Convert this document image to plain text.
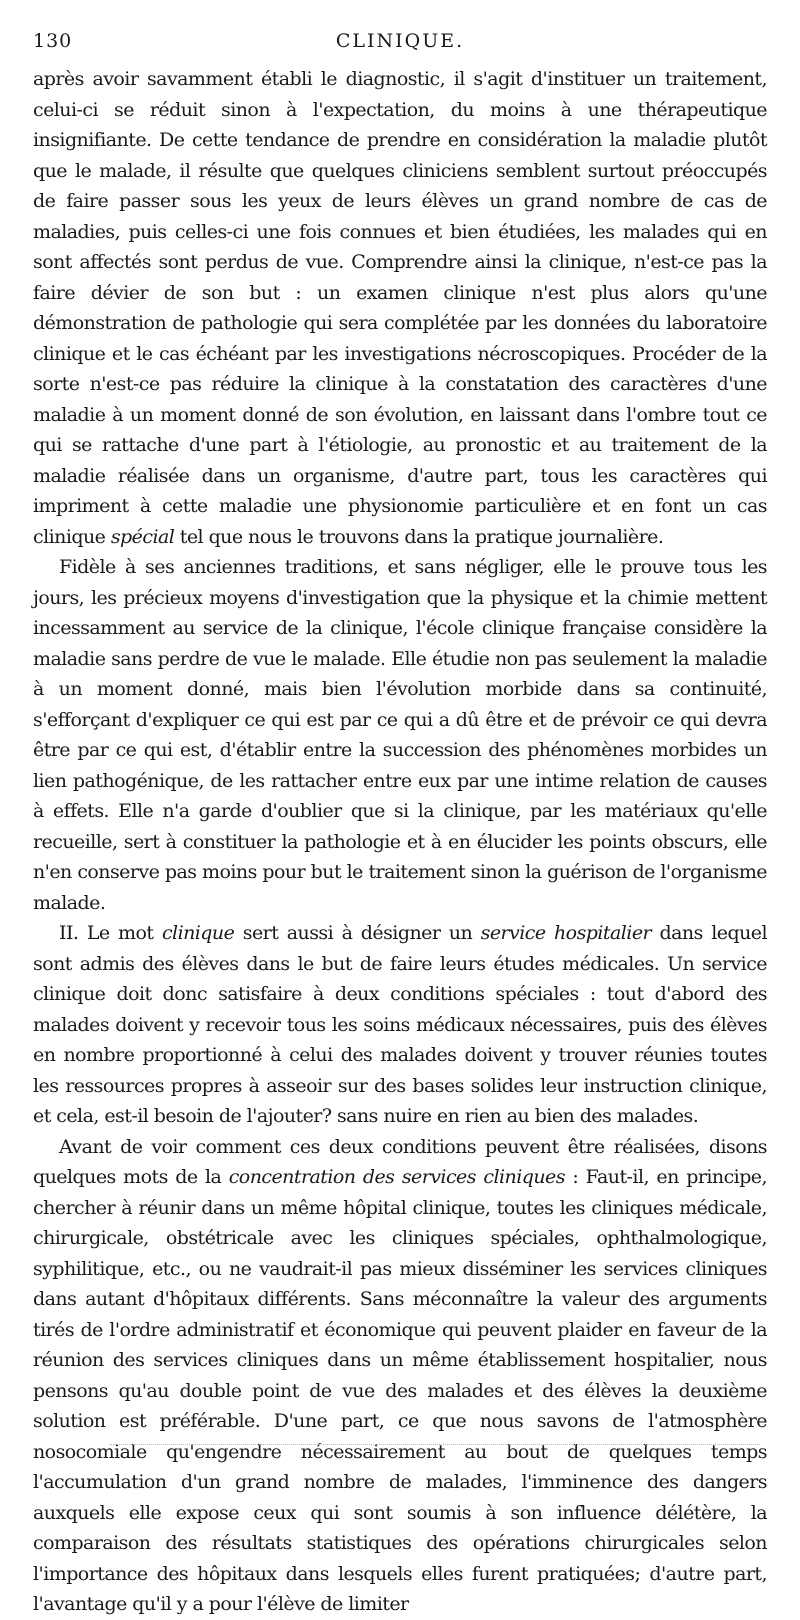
130	CLINIQUE.

après avoir savamment établi le diagnostic, il s'agit d'instituer un traitement, celui-ci se réduit sinon à l'expectation, du moins à une thérapeutique insignifiante. De cette tendance de prendre en considération la maladie plutôt que le malade, il résulte que quelques cliniciens semblent surtout préoccupés de faire passer sous les yeux de leurs élèves un grand nombre de cas de maladies, puis celles-ci une fois connues et bien étudiées, les malades qui en sont affectés sont perdus de vue. Comprendre ainsi la clinique, n'est-ce pas la faire dévier de son but : un examen clinique n'est plus alors qu'une démonstration de pathologie qui sera complétée par les données du laboratoire clinique et le cas échéant par les investigations nécroscopiques. Procéder de la sorte n'est-ce pas réduire la clinique à la constatation des caractères d'une maladie à un moment donné de son évolution, en laissant dans l'ombre tout ce qui se rattache d'une part à l'étiologie, au pronostic et au traitement de la maladie réalisée dans un organisme, d'autre part, tous les caractères qui impriment à cette maladie une physionomie particulière et en font un cas clinique spécial tel que nous le trouvons dans la pratique journalière.

Fidèle à ses anciennes traditions, et sans négliger, elle le prouve tous les jours, les précieux moyens d'investigation que la physique et la chimie mettent incessamment au service de la clinique, l'école clinique française considère la maladie sans perdre de vue le malade. Elle étudie non pas seulement la maladie à un moment donné, mais bien l'évolution morbide dans sa continuité, s'efforçant d'expliquer ce qui est par ce qui a dû être et de prévoir ce qui devra être par ce qui est, d'établir entre la succession des phénomènes morbides un lien pathogénique, de les rattacher entre eux par une intime relation de causes à effets. Elle n'a garde d'oublier que si la clinique, par les matériaux qu'elle recueille, sert à constituer la pathologie et à en élucider les points obscurs, elle n'en conserve pas moins pour but le traitement sinon la guérison de l'organisme malade.

II. Le mot clinique sert aussi à désigner un service hospitalier dans lequel sont admis des élèves dans le but de faire leurs études médicales. Un service clinique doit donc satisfaire à deux conditions spéciales : tout d'abord des malades doivent y recevoir tous les soins médicaux nécessaires, puis des élèves en nombre proportionné à celui des malades doivent y trouver réunies toutes les ressources propres à asseoir sur des bases solides leur instruction clinique, et cela, est-il besoin de l'ajouter? sans nuire en rien au bien des malades.

Avant de voir comment ces deux conditions peuvent être réalisées, disons quelques mots de la concentration des services cliniques : Faut-il, en principe, chercher à réunir dans un même hôpital clinique, toutes les cliniques médicale, chirurgicale, obstétricale avec les cliniques spéciales, ophthalmologique, syphilitique, etc., ou ne vaudrait-il pas mieux disséminer les services cliniques dans autant d'hôpitaux différents. Sans méconnaître la valeur des arguments tirés de l'ordre administratif et économique qui peuvent plaider en faveur de la réunion des services cliniques dans un même établissement hospitalier, nous pensons qu'au double point de vue des malades et des élèves la deuxième solution est préférable. D'une part, ce que nous savons de l'atmosphère nosocomiale qu'engendre nécessairement au bout de quelques temps l'accumulation d'un grand nombre de malades, l'imminence des dangers auxquels elle expose ceux qui sont soumis à son influence délétère, la comparaison des résultats statistiques des opérations chirurgicales selon l'importance des hôpitaux dans lesquels elles furent pratiquées; d'autre part, l'avantage qu'il y a pour l'élève de limiter
